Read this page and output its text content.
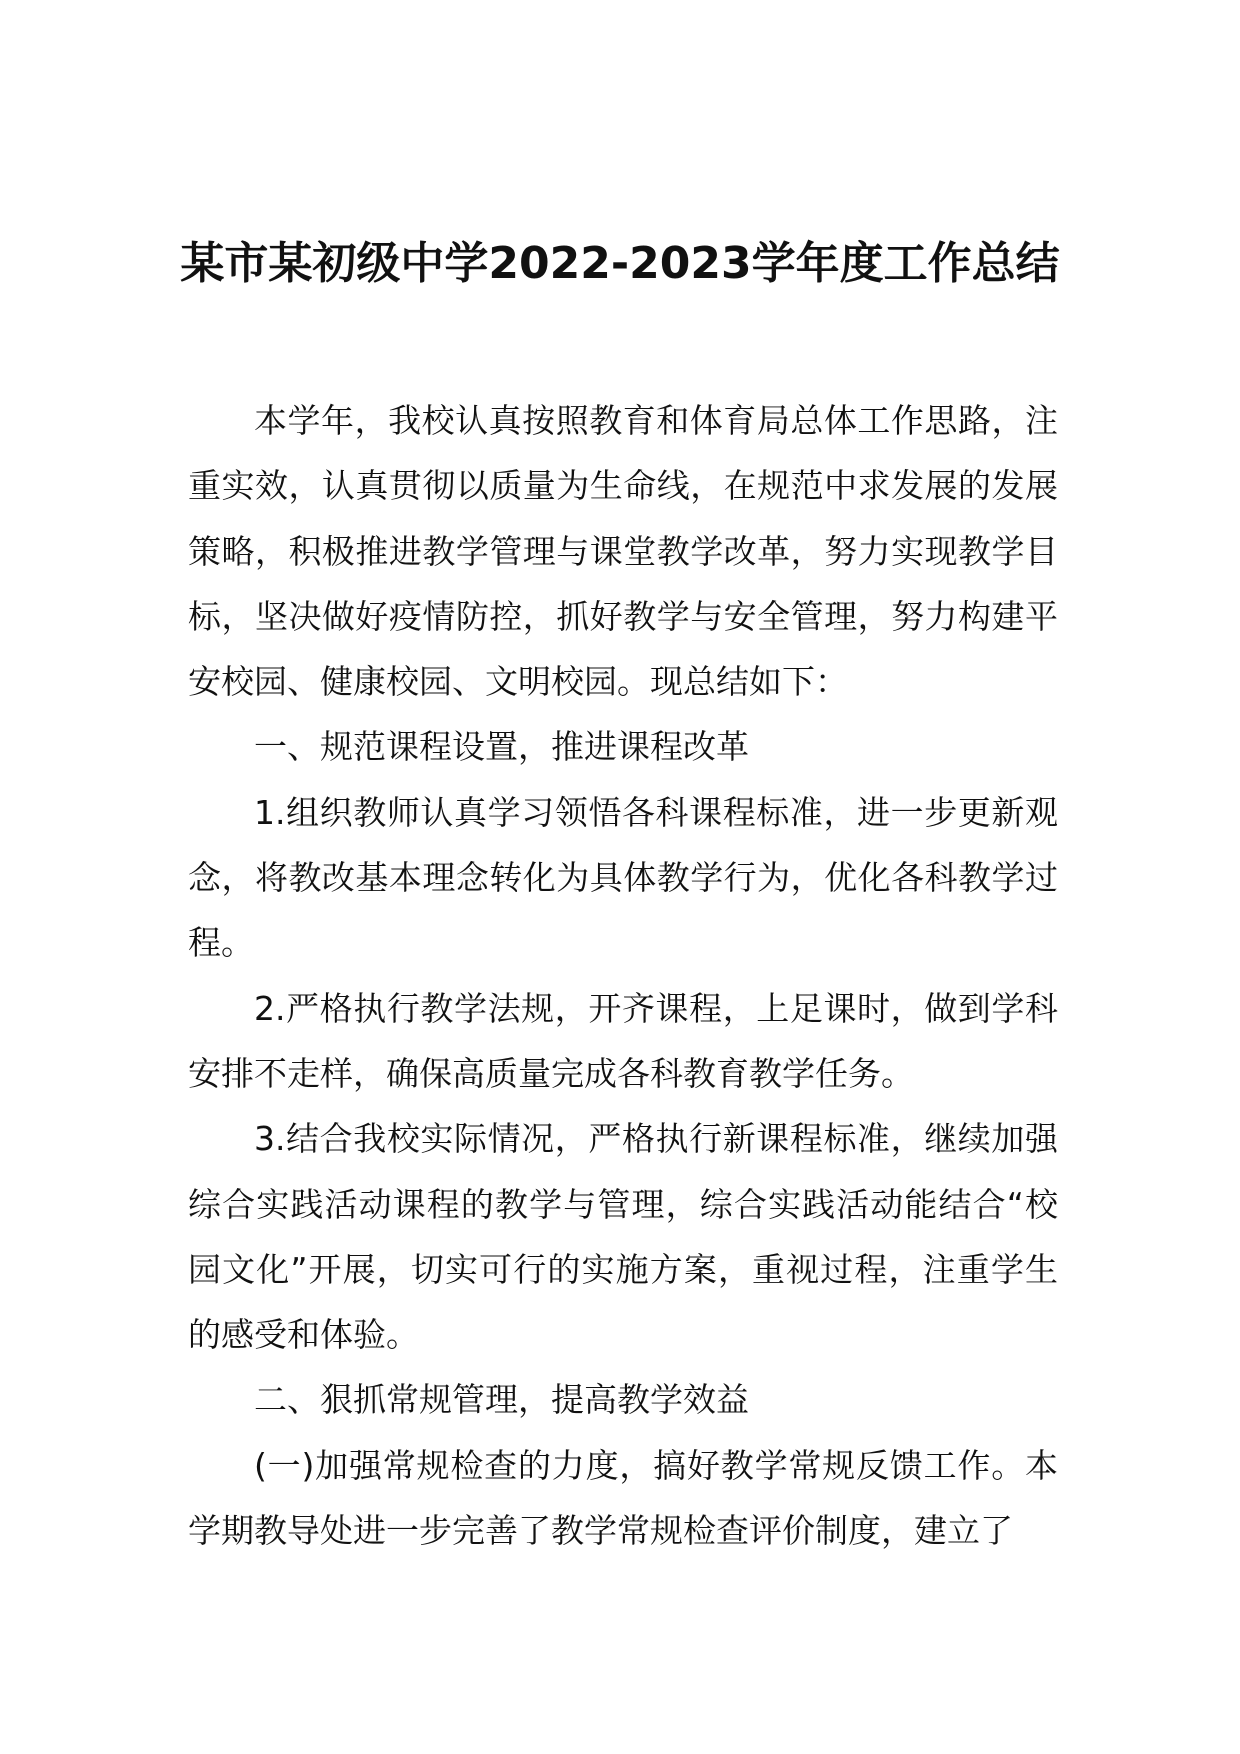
某市某初级中学2022-2023学年度工作总结

本学年，我校认真按照教育和体育局总体工作思路，注重实效，认真贯彻以质量为生命线，在规范中求发展的发展策略，积极推进教学管理与课堂教学改革，努力实现教学目标，坚决做好疫情防控，抓好教学与安全管理，努力构建平安校园、健康校园、文明校园。现总结如下：

一、规范课程设置，推进课程改革

1.组织教师认真学习领悟各科课程标准，进一步更新观念，将教改基本理念转化为具体教学行为，优化各科教学过程。

2.严格执行教学法规，开齐课程，上足课时，做到学科安排不走样，确保高质量完成各科教育教学任务。

3.结合我校实际情况，严格执行新课程标准，继续加强综合实践活动课程的教学与管理，综合实践活动能结合“校园文化”开展，切实可行的实施方案，重视过程，注重学生的感受和体验。

二、狠抓常规管理，提高教学效益

(一)加强常规检查的力度，搞好教学常规反馈工作。本学期教导处进一步完善了教学常规检查评价制度，建立了
